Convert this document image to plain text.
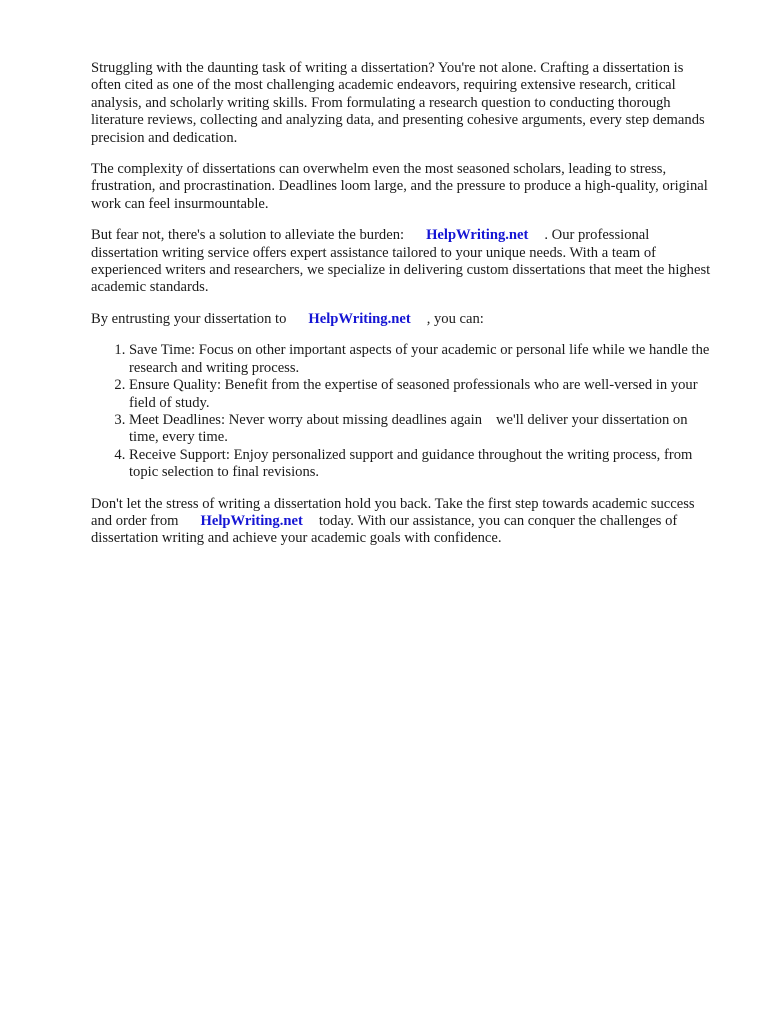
Struggling with the daunting task of writing a dissertation? You're not alone. Crafting a dissertation is often cited as one of the most challenging academic endeavors, requiring extensive research, critical analysis, and scholarly writing skills. From formulating a research question to conducting thorough literature reviews, collecting and analyzing data, and presenting cohesive arguments, every step demands precision and dedication.

The complexity of dissertations can overwhelm even the most seasoned scholars, leading to stress, frustration, and procrastination. Deadlines loom large, and the pressure to produce a high-quality, original work can feel insurmountable.

But fear not, there's a solution to alleviate the burden: HelpWriting.net . Our professional dissertation writing service offers expert assistance tailored to your unique needs. With a team of experienced writers and researchers, we specialize in delivering custom dissertations that meet the highest academic standards.

By entrusting your dissertation to HelpWriting.net , you can:

1. Save Time: Focus on other important aspects of your academic or personal life while we handle the research and writing process.
2. Ensure Quality: Benefit from the expertise of seasoned professionals who are well-versed in your field of study.
3. Meet Deadlines: Never worry about missing deadlines again we'll deliver your dissertation on time, every time.
4. Receive Support: Enjoy personalized support and guidance throughout the writing process, from topic selection to final revisions.

Don't let the stress of writing a dissertation hold you back. Take the first step towards academic success and order from HelpWriting.net today. With our assistance, you can conquer the challenges of dissertation writing and achieve your academic goals with confidence.
